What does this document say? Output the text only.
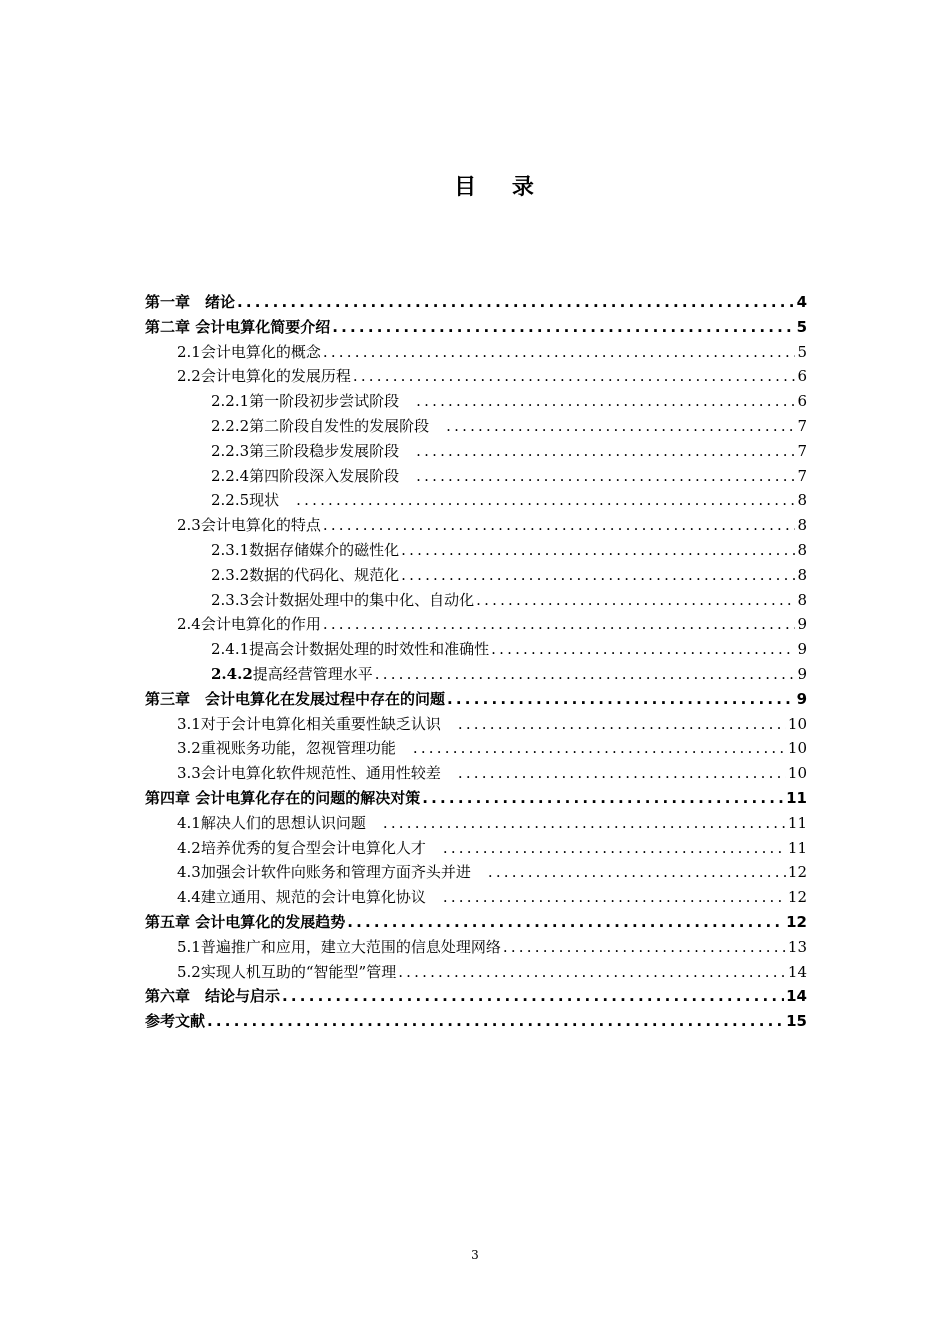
目 录
第一章　绪论 .....	4
第二章 会计电算化简要介绍 .....	5
2.1会计电算化的概念 .....	5
2.2会计电算化的发展历程 .....	6
2.2.1第一阶段初步尝试阶段　 .....	6
2.2.2第二阶段自发性的发展阶段　 .....	7
2.2.3第三阶段稳步发展阶段　 .....	7
2.2.4第四阶段深入发展阶段　 .....	7
2.2.5现状　 .....	8
2.3会计电算化的特点 .....	8
2.3.1数据存储媒介的磁性化 .....	8
2.3.2数据的代码化、规范化 .....	8
2.3.3会计数据处理中的集中化、自动化 .....	8
2.4会计电算化的作用 .....	9
2.4.1提高会计数据处理的时效性和准确性 .....	9
2.4.2提高经营管理水平 .....	9
第三章　会计电算化在发展过程中存在的问题 .....	9
3.1对于会计电算化相关重要性缺乏认识　 .....	10
3.2重视账务功能，忽视管理功能　 .....	10
3.3会计电算化软件规范性、通用性较差　 .....	10
第四章 会计电算化存在的问题的解决对策 .....	11
4.1解决人们的思想认识问题　 .....	11
4.2培养优秀的复合型会计电算化人才　 .....	11
4.3加强会计软件向账务和管理方面齐头并进　 .....	12
4.4建立通用、规范的会计电算化协议　 .....	12
第五章 会计电算化的发展趋势 .....	12
5.1普遍推广和应用，建立大范围的信息处理网络 .....	13
5.2实现人机互助的“智能型”管理 .....	14
第六章　结论与启示 .....	14
参考文献 .....	15
3
